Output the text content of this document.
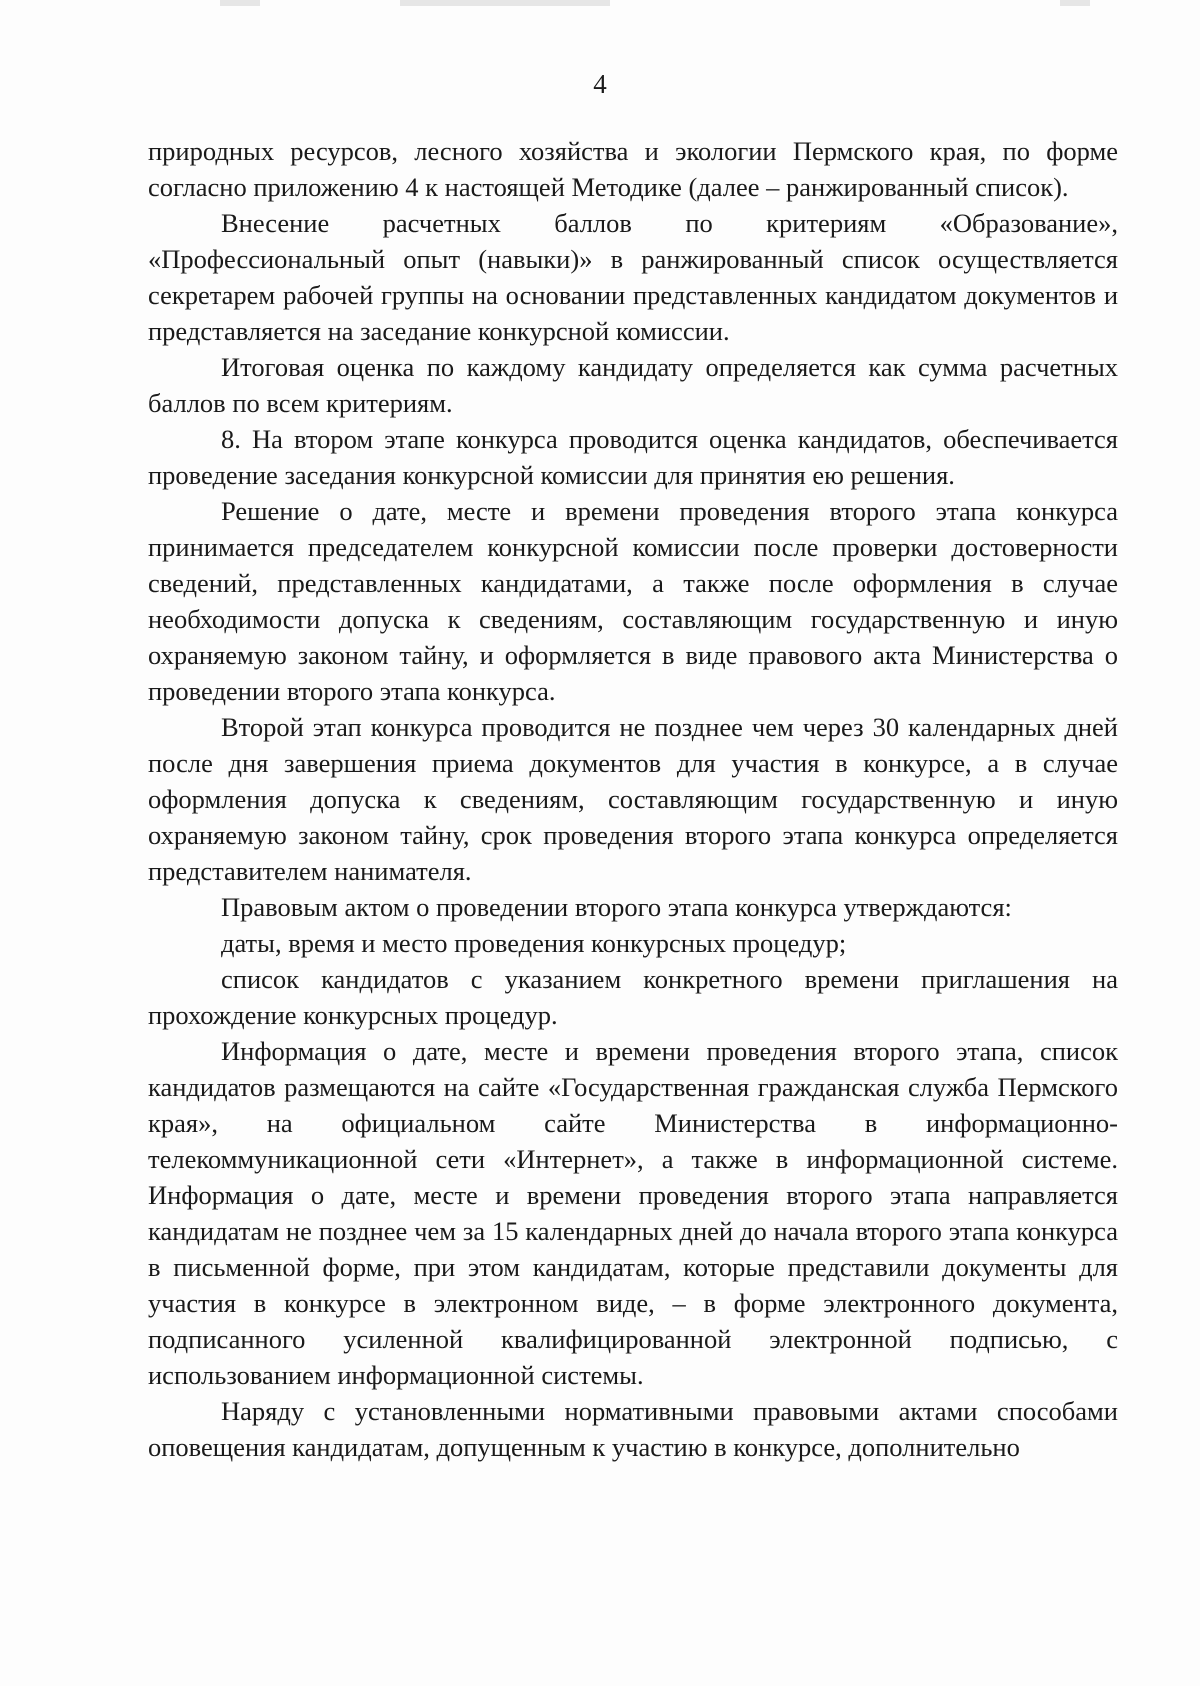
4

природных ресурсов, лесного хозяйства и экологии Пермского края, по форме согласно приложению 4 к настоящей Методике (далее – ранжированный список).

Внесение расчетных баллов по критериям «Образование», «Профессиональный опыт (навыки)» в ранжированный список осуществляется секретарем рабочей группы на основании представленных кандидатом документов и представляется на заседание конкурсной комиссии.

Итоговая оценка по каждому кандидату определяется как сумма расчетных баллов по всем критериям.

8. На втором этапе конкурса проводится оценка кандидатов, обеспечивается проведение заседания конкурсной комиссии для принятия ею решения.

Решение о дате, месте и времени проведения второго этапа конкурса принимается председателем конкурсной комиссии после проверки достоверности сведений, представленных кандидатами, а также после оформления в случае необходимости допуска к сведениям, составляющим государственную и иную охраняемую законом тайну, и оформляется в виде правового акта Министерства о проведении второго этапа конкурса.

Второй этап конкурса проводится не позднее чем через 30 календарных дней после дня завершения приема документов для участия в конкурсе, а в случае оформления допуска к сведениям, составляющим государственную и иную охраняемую законом тайну, срок проведения второго этапа конкурса определяется представителем нанимателя.

Правовым актом о проведении второго этапа конкурса утверждаются:

даты, время и место проведения конкурсных процедур;

список кандидатов с указанием конкретного времени приглашения на прохождение конкурсных процедур.

Информация о дате, месте и времени проведения второго этапа, список кандидатов размещаются на сайте «Государственная гражданская служба Пермского края», на официальном сайте Министерства в информационно-телекоммуникационной сети «Интернет», а также в информационной системе. Информация о дате, месте и времени проведения второго этапа направляется кандидатам не позднее чем за 15 календарных дней до начала второго этапа конкурса в письменной форме, при этом кандидатам, которые представили документы для участия в конкурсе в электронном виде, – в форме электронного документа, подписанного усиленной квалифицированной электронной подписью, с использованием информационной системы.

Наряду с установленными нормативными правовыми актами способами оповещения кандидатам, допущенным к участию в конкурсе, дополнительно
